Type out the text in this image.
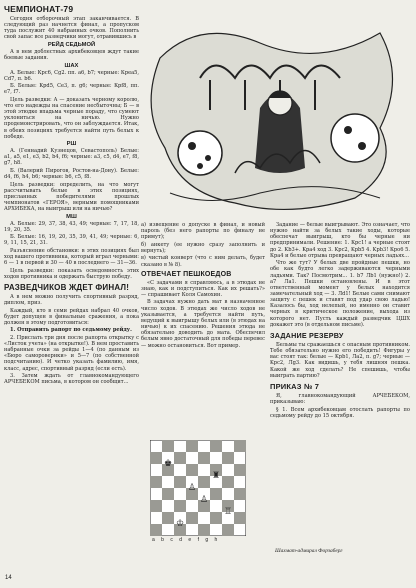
ЧЕМПИОНАТ-79

Сегодня отборочный этап заканчивается. В следующий раз начнется финал, а пропуском туда послужит 40 набранных очков. Пополнить свой запас все разведчики могут, отравившись в

РЕЙД СЕДЬМОЙ

А в нем доблестных архибековцев ждут такие боевые задания.

ШАХ

А. Белые: Крс6, Сg2. пп. a6, b7; черные: Креа5, Cd7, п. b6.

Б. Белые: Крd5, Се3, п. g6; черные: Крf8, пп. e7, f7.

Цель разведки: А — доказать черному королю, что его надежды на спасение несбыточны; Б — в этой этюдке впадьма черные пораду, что сумеют уклониться на ничью. Нужно продемонстрировать, что он заблуждается. Итак, в обеих позициях требуется найти путь белых к победе.

РШ

А. (Геннадий Кузнецов, Севастополь) Белые: a1, a5, e1, e3, b2, b4, f6; черные: a3, c5, d4, e7, f8, g7, h8.

Б. (Валерий Пирогов, Ростов-на-Дону). Белые: d4, f6, h4, b6; черные: b6, c5, f8.

Цель разведки: определить, на что могут рассчитывать белые в этих позициях, присланных победителями прошлых чемпионатов «ГЕРОЯ», верными помощниками АРХИБЕКА, на выигрыш или на ничью?

МШ

А. Белые: 29, 37, 38, 43, 49; черные: 7, 17, 18, 19, 20, 35.

Б. Белые: 16, 19, 20, 35, 39, 41, 49; черные: 6, 9, 11, 15, 21, 31.

Разъяснение обстановки: в этих позициях был ход вашего противника, который играл черными: 6 — 1 в первой и 30 — 40 в последнего — 31—36.

Цель разведки: показать осведомность этих ходов противника и одержать быструю победу.

РАЗВЕДЧИКОВ ЖДЕТ ФИНАЛ!

А в нем можно получить спортивный разряд, диплом, приз.

Каждый, кто в семи рейдах набрал 40 очков, будет допущен в финальные сражения, а пока должен в этому подготовиться:

1. Отправить рапорт по седьмому рейду.

2. Прислать три дня после рапорта открытку с «Листок учета» (на открытке!). В нем проставить набранные очки за рейды 1—4 (по данным из «Бюро саморовернки» и 5—7 (по собственной подсчитанию). И четко указать фамилию, имя, класс, адрес, спортивный разряд (если есть).

3. Затем ждать от главнокомандующего АРЧЕБЕКОМ письма, в котором он сообщит...

а) извещение о допуске в финал, и новый пароль (без него рапорты по финалу не примут);

б) анкету (ее нужно сразу заполнить и вернуть);

в) чистый конверт (что с ним делать, будет сказано в № 8).

ОТВЕЧАЕТ ПЕШКОЕДОВ

«С задачами я справляюсь, а в этюдах не знаю, как и подступиться. Как их решать?» — спрашивает Коля Самохин.

В задачах нужно дать мат в назначенное число ходов. В этюдах же число ходов не указывается, а требуется найти путь, ведущий к выигрышу белых или (в этюдах на ничью) к их спасению. Решения этюда не обязательно доводить до мата. Обеспечил белым явно достаточный для победы перевес — можно остановиться. Вот пример.

♚
♜
♔
♖
♙
♙
a b c d e f g h
Шахмат-адмирал Форзаберг

Задание — белые выигрывают. Это означает, что нужно найти за белых такие ходы, которые обеспечат выигрыш, кто бы черные ни предпринимали. Решение: 1. Крс1! а черные стоят до 2. Kb3+. Kpa4 ход 3. Kpc2, Kpb5 4. Kpb3! Кро6 5. Кра4 и белые отрыва превращают черных ладьях...

Что же тут? У белых две пройдные пешки, но обе как будто легко задерживаются черными ладьями. Так? Посмотрим... 1. b7 Лb1 (нужно!) 2. a7 Лa1. Пешки остановлены. И в этот ответственный момент у белых находится замечательный ход — 3. Лd1! Белые сами снимают защиту с пешек и ставят под удар свою ладью! Казалось бы, ход нелепый, но именно он ставит черных в критическое положение, выхода из которого нет. Пусть каждый разведчик ЦШХ докажет это (в отдельном письме).

ЗАДАНИЕ РЕЗЕРВУ

Бельмы ты сражаешься с опасным противником. Тебе обязательно нужно его победить! Фигуры у вас стоят так: белые — Kpb1, Лa2, п. g7; черные — Kpc2, Лg3. Как видишь, у тебя лишняя пешка. Какой же ход сделать? Не спешишь, чтобы выиграть партию?

ПРИКАЗ № 7

Я, главнокомандующий АРЧЕБЕКОМ, приказываю:

§ 1. Всем архибековцам отослать рапорты по седьмому рейду до 15 октября.

14
